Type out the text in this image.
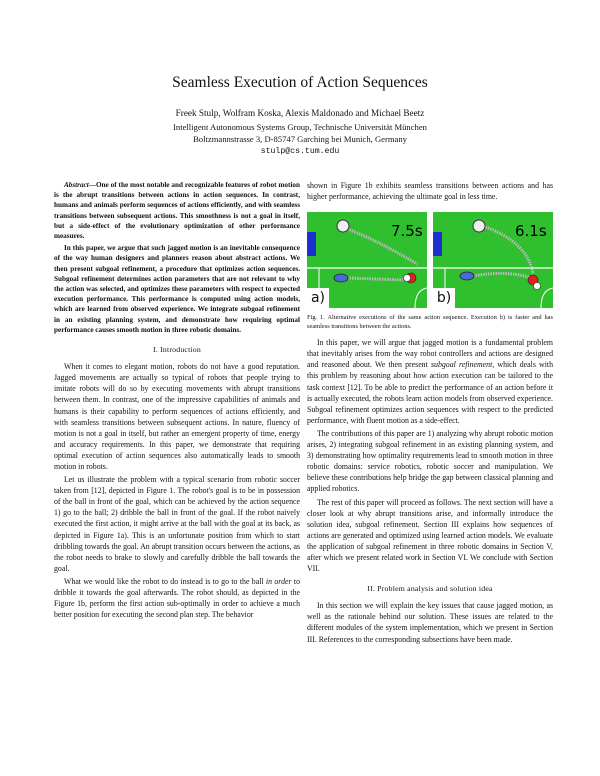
Seamless Execution of Action Sequences
Freek Stulp, Wolfram Koska, Alexis Maldonado and Michael Beetz
Intelligent Autonomous Systems Group, Technische Universität München
Boltzmannstrasse 3, D-85747 Garching bei Munich, Germany
stulp@cs.tum.edu

Abstract—One of the most notable and recognizable features of robot motion is the abrupt transitions between actions in action sequences. In contrast, humans and animals perform sequences of actions efficiently, and with seamless transitions between subsequent actions. This smoothness is not a goal in itself, but a side-effect of the evolutionary optimization of other performance measures.

In this paper, we argue that such jagged motion is an inevitable consequence of the way human designers and planners reason about abstract actions. We then present subgoal refinement, a procedure that optimizes action sequences. Subgoal refinement determines action parameters that are not relevant to why the action was selected, and optimizes these parameters with respect to expected execution performance. This performance is computed using action models, which are learned from observed experience. We integrate subgoal refinement in an existing planning system, and demonstrate how requiring optimal performance causes smooth motion in three robotic domains.

I. Introduction

When it comes to elegant motion, robots do not have a good reputation. Jagged movements are actually so typical of robots that people trying to imitate robots will do so by executing movements with abrupt transitions between them. In contrast, one of the impressive capabilities of animals and humans is their capability to perform sequences of actions efficiently, and with seamless transitions between subsequent actions. In nature, fluency of motion is not a goal in itself, but rather an emergent property of time, energy and accuracy requirements. In this paper, we demonstrate that requiring optimal execution of action sequences also automatically leads to smooth motion in robots.

Let us illustrate the problem with a typical scenario from robotic soccer taken from [12], depicted in Figure 1. The robot's goal is to be in possession of the ball in front of the goal, which can be achieved by the action sequence 1) go to the ball; 2) dribble the ball in front of the goal. If the robot naively executed the first action, it might arrive at the ball with the goal at its back, as depicted in Figure 1a). This is an unfortunate position from which to start dribbling towards the goal. An abrupt transition occurs between the actions, as the robot needs to brake to slowly and carefully dribble the ball towards the goal.

What we would like the robot to do instead is to go to the ball in order to dribble it towards the goal afterwards. The robot should, as depicted in the Figure 1b, perform the first action sub-optimally in order to achieve a much better position for executing the second plan step. The behavior

shown in Figure 1b exhibits seamless transitions between actions and has higher performance, achieving the ultimate goal in less time.

7.5s
a)
6.1s
b)
Fig. 1. Alternative executions of the same action sequence. Execution b) is faster and has seamless transitions between the actions.

In this paper, we will argue that jagged motion is a fundamental problem that inevitably arises from the way robot controllers and actions are designed and reasoned about. We then present subgoal refinement, which deals with this problem by reasoning about how action execution can be tailored to the task context [12]. To be able to predict the performance of an action before it is actually executed, the robots learn action models from observed experience. Subgoal refinement optimizes action sequences with respect to the predicted performance, with fluent motion as a side-effect.

The contributions of this paper are 1) analyzing why abrupt robotic motion arises, 2) integrating subgoal refinement in an existing planning system, and 3) demonstrating how optimality requirements lead to smooth motion in three robotic domains: service robotics, robotic soccer and manipulation. We believe these contributions help bridge the gap between classical planning and applied robotics.

The rest of this paper will proceed as follows. The next section will have a closer look at why abrupt transitions arise, and informally introduce the solution idea, subgoal refinement. Section III explains how sequences of actions are generated and optimized using learned action models. We evaluate the application of subgoal refinement in three robotic domains in Section V, after which we present related work in Section VI. We conclude with Section VII.

II. Problem analysis and solution idea

In this section we will explain the key issues that cause jagged motion, as well as the rationale behind our solution. These issues are related to the different modules of the system implementation, which we present in Section III. References to the corresponding subsections have been made.
